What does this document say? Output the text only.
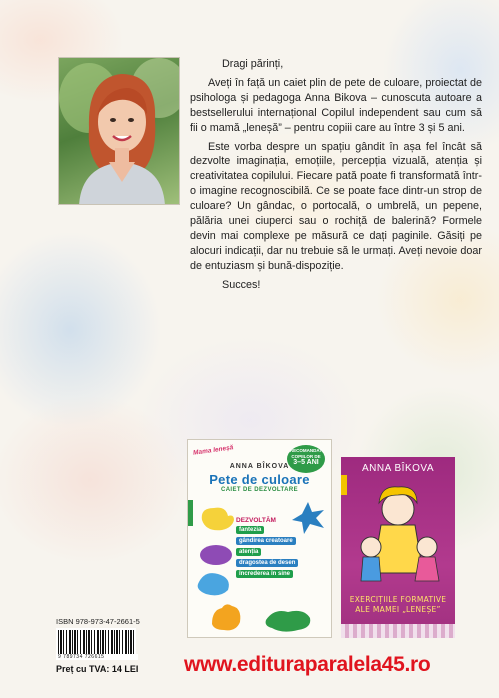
Dragi părinți,

Aveți în față un caiet plin de pete de culoare, proiectat de psihologa și pedagoga Anna Bikova – cunoscuta autoare a bestsellerului internațional Copilul independent sau cum să fii o mamă „leneșă” – pentru copiii care au între 3 și 5 ani.

Este vorba despre un spațiu gândit în așa fel încât să dezvolte imaginația, emoțiile, percepția vizuală, atenția și creativitatea copilului. Fiecare pată poate fi transformată într-o imagine recognoscibilă. Ce se poate face dintr-un strop de culoare? Un gândac, o portocală, o umbrelă, un pepene, pălăria unei ciuperci sau o rochiță de balerină? Formele devin mai complexe pe măsură ce dați paginile. Găsiți pe alocuri indicații, dar nu trebuie să le urmați. Aveți nevoie doar de entuziasm și bună-dispoziție.

Succes!

Mama leneșă	RECOMANDAT COPIILOR DE
3–5 ANI
ANNA BÎKOVA
Pete de culoare
CAIET DE DEZVOLTARE
DEZVOLTĂM
fantezia
gândirea creatoare
atenția
dragostea de desen
încrederea în sine
ANNA BÎKOVA
EXERCIȚIILE FORMATIVE ALE MAMEI „LENEȘE”
ISBN 978-973-47-2661-5
9 789734 726615
Preț cu TVA: 14 LEI www.edituraparalela45.ro
